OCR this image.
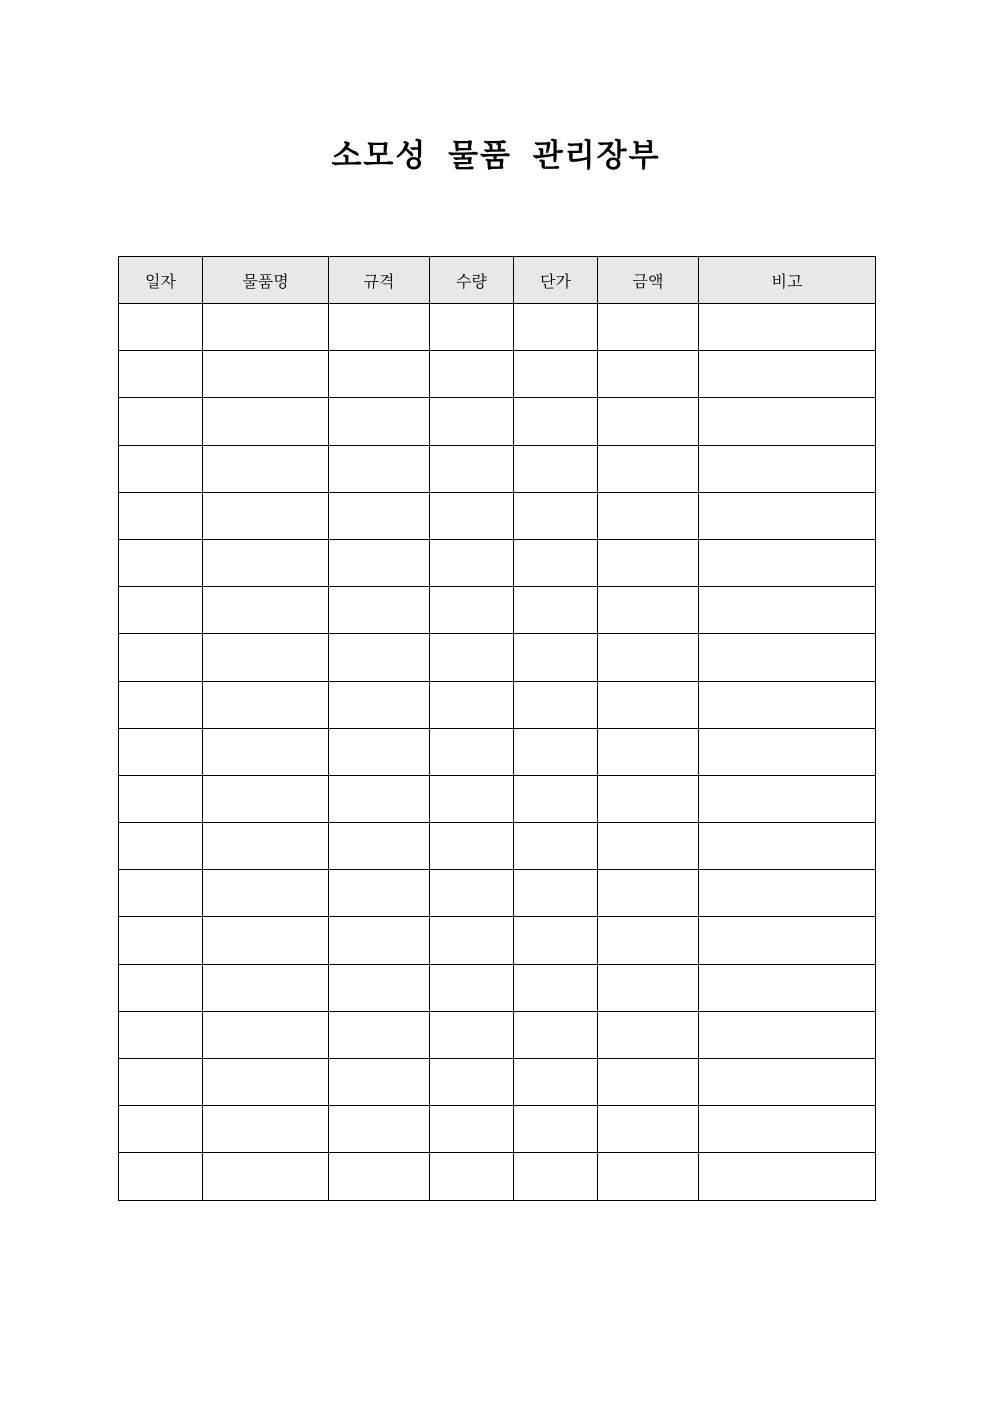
소모성 물품 관리장부
일자	물품명	규격	수량	단가	금액	비고
